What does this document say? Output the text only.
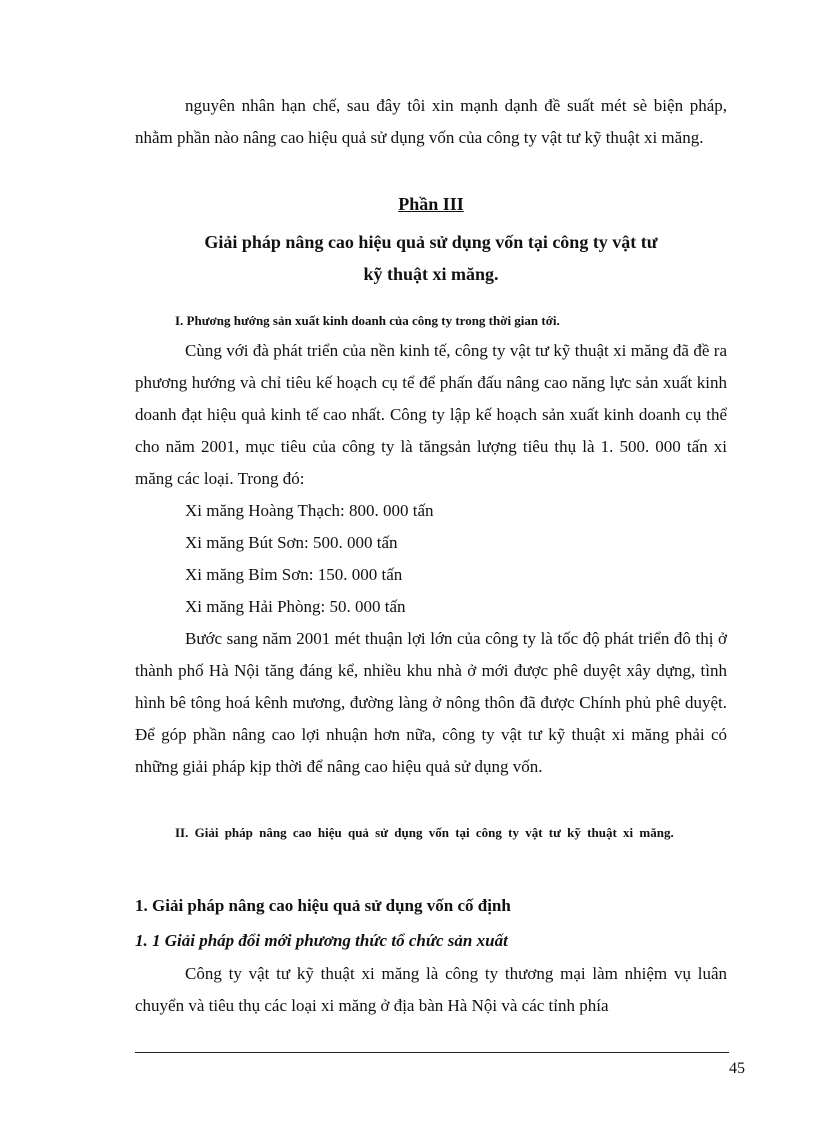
nguyên nhân hạn chế, sau đây tôi xin mạnh dạnh đề suất mét sè biện pháp, nhằm phần nào nâng cao hiệu quả sử dụng vốn của công ty vật tư kỹ thuật xi măng.

Phần III

Giải pháp nâng cao hiệu quả sử dụng vốn tại công ty vật tư

kỹ thuật xi măng.

I. Phương hướng sản xuất kinh doanh của công ty trong thời gian tới.

Cùng với đà phát triển của nền kinh tế, công ty vật tư kỹ thuật xi măng đã đề ra phương hướng và chỉ tiêu kế hoạch cụ tể để phấn đấu nâng cao năng lực sản xuất kinh doanh đạt hiệu quả kinh tế cao nhất. Công ty lập kế hoạch sản xuất kinh doanh cụ thể cho năm 2001, mục tiêu của công ty là tăngsản lượng tiêu thụ là 1. 500. 000 tấn xi măng các loại. Trong đó:

Xi măng Hoàng Thạch: 800. 000 tấn

Xi măng Bút Sơn: 500. 000 tấn

Xi măng Bỉm Sơn: 150. 000 tấn

Xi măng Hải Phòng: 50. 000 tấn

Bước sang năm 2001 mét thuận lợi lớn của công ty là tốc độ phát triển đô thị ở thành phố Hà Nội tăng đáng kể, nhiều khu nhà ở mới được phê duyệt xây dựng, tình hình bê tông hoá kênh mương, đường làng ở nông thôn đã được Chính phủ phê duyệt. Để góp phần nâng cao lợi nhuận hơn nữa, công ty vật tư kỹ thuật xi măng phải có những giải pháp kịp thời để nâng cao hiệu quả sử dụng vốn.

II. Giải pháp nâng cao hiệu quả sử dụng vốn tại công ty vật tư kỹ thuật xi măng.

1. Giải pháp nâng cao hiệu quả sử dụng vốn cố định

1. 1 Giải pháp đổi mới phương thức tổ chức sản xuất

Công ty vật tư kỹ thuật xi măng là công ty thương mại làm nhiệm vụ luân chuyển và tiêu thụ các loại xi măng ở địa bàn Hà Nội và các tỉnh phía

45
